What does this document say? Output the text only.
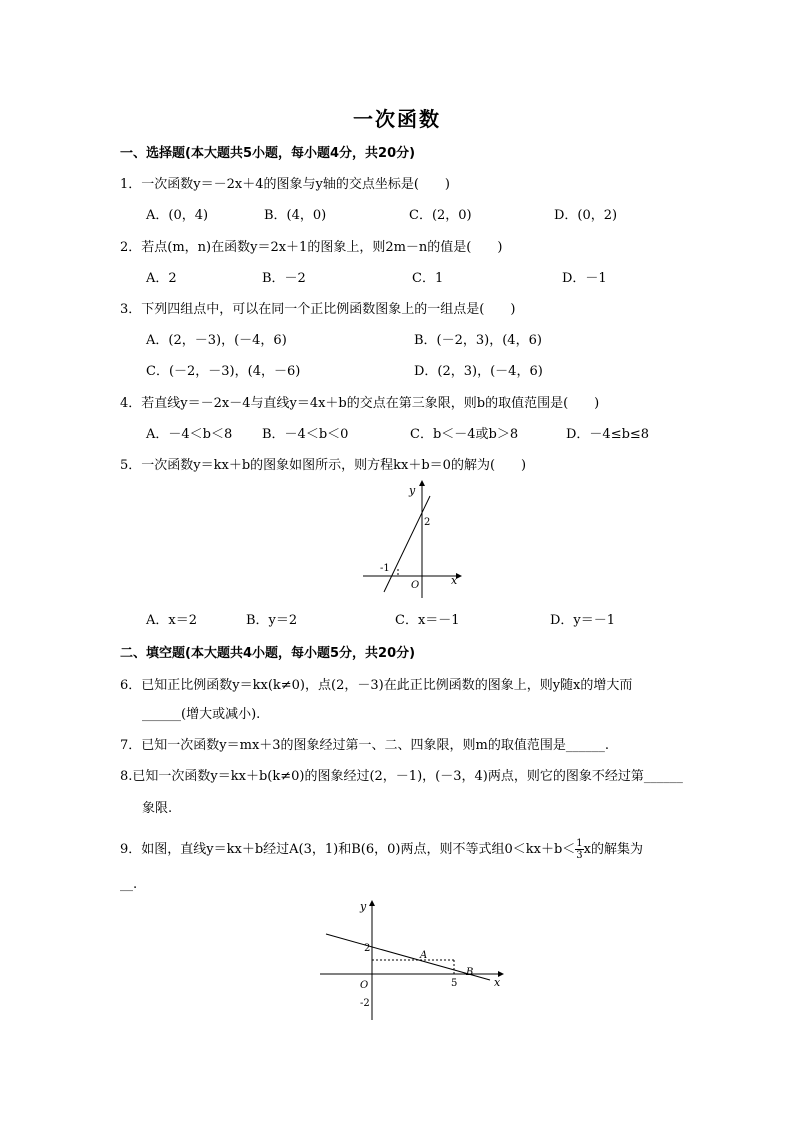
一次函数
一、选择题(本大题共5小题，每小题4分，共20分)
1．一次函数y＝－2x＋4的图象与y轴的交点坐标是(　　)
A．(0，4)	B．(4，0)	C．(2，0)	D．(0，2)
2．若点(m，n)在函数y＝2x＋1的图象上，则2m－n的值是(　　)
A．2	B．－2	C．1	D．－1
3．下列四组点中，可以在同一个正比例函数图象上的一组点是(　　)
A．(2，－3)，(－4，6)	B．(－2，3)，(4，6)
C．(－2，－3)，(4，－6)	D．(2，3)，(－4，6)
4．若直线y＝－2x－4与直线y＝4x＋b的交点在第三象限，则b的取值范围是(　　)
A．－4＜b＜8 B．－4＜b＜0	C．b＜－4或b＞8	D．－4≤b≤8
5．一次函数y＝kx＋b的图象如图所示，则方程kx＋b＝0的解为(　　)
y
x
O
2
-1
A．x＝2	B．y＝2	C．x＝－1	D．y＝－1
二、填空题(本大题共4小题，每小题5分，共20分)
6．已知正比例函数y＝kx(k≠0)，点(2，－3)在此正比例函数的图象上，则y随x的增大而
______(增大或减小).
7．已知一次函数y＝mx＋3的图象经过第一、二、四象限，则m的取值范围是______.
8.已知一次函数y＝kx＋b(k≠0)的图象经过(2，－1)，(－3，4)两点，则它的图象不经过第______
象限.
9．如图，直线y＝kx＋b经过A(3，1)和B(6，0)两点，则不等式组$0<kx+b< \frac{1}{3}$ x的解集为
__.
y
x
O
2
-2
5
A
B
